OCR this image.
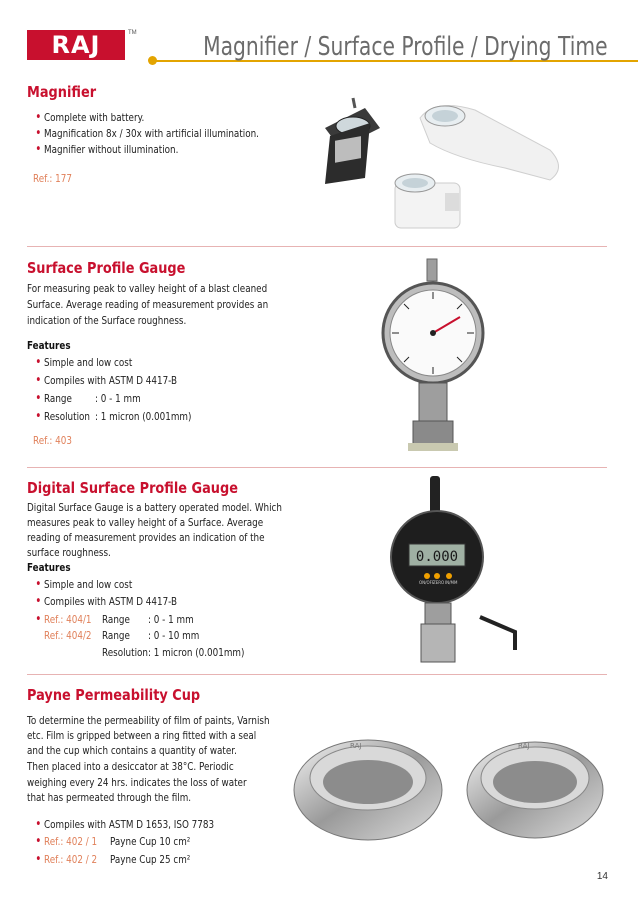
RAJ	TM	Magnifier / Surface Profile / Drying Time
Magnifier
• Complete with battery.
• Magnification 8x / 30x with artificial illumination.
• Magnifier without illumination.
Ref.: 177
Surface Profile Gauge
For measuring peak to valley height of a blast cleaned
Surface. Average reading of measurement provides an
indication of the Surface roughness.
Features
• Simple and low cost
• Compiles with ASTM D 4417-B
• Range : 0 - 1 mm
• Resolution : 1 micron (0.001mm)
Ref.: 403
Digital Surface Profile Gauge
Digital Surface Gauge is a battery operated model. Which
measures peak to valley height of a Surface. Average
reading of measurement provides an indication of the
surface roughness.
Features
• Simple and low cost
• Compiles with ASTM D 4417-B
• Ref.: 404/1 Range : 0 - 1 mm
Ref.: 404/2 Range : 0 - 10 mm
Resolution : 1 micron (0.001mm)
0.000
ON/OFF
ZERO IN/MM
Payne Permeability Cup
To determine the permeability of film of paints, Varnish
etc. Film is gripped between a ring fitted with a seal
and the cup which contains a quantity of water.
Then placed into a desiccator at 38°C. Periodic
weighing every 24 hrs. indicates the loss of water
that has permeated through the film.
• Compiles with ASTM D 1653, ISO 7783
• Ref.: 402 / 1 Payne Cup 10 cm²
• Ref.: 402 / 2 Payne Cup 25 cm²
RAJ	RAJ
14
